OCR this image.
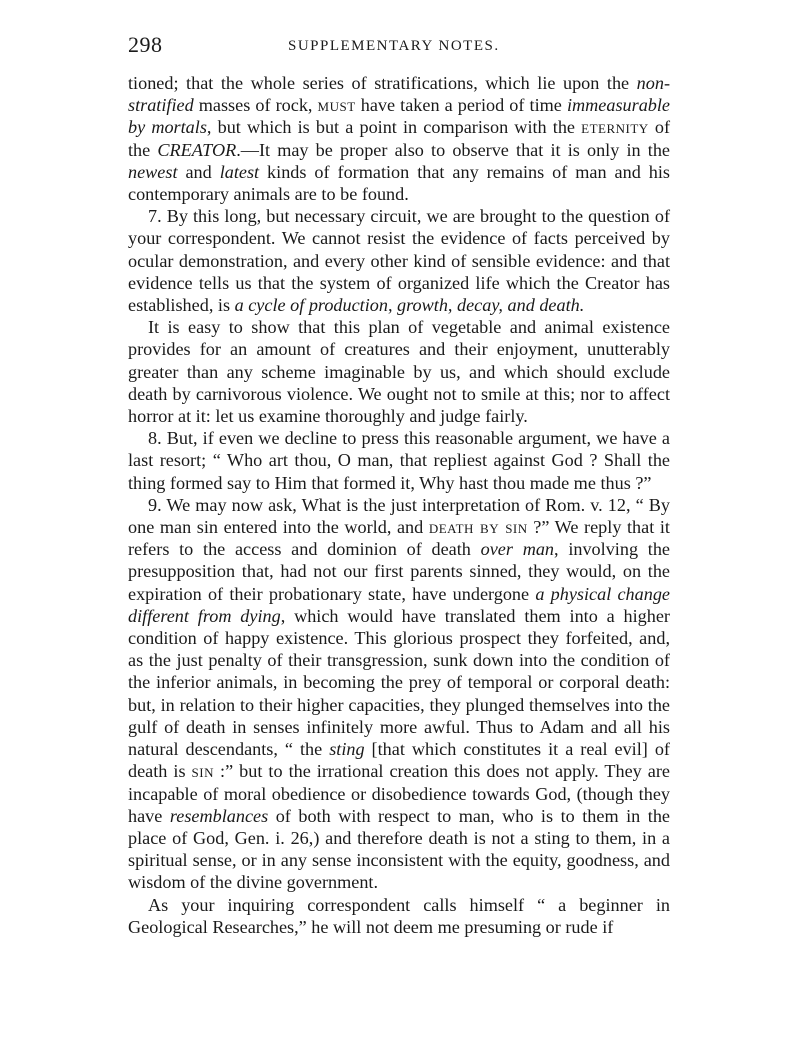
298	SUPPLEMENTARY NOTES.

tioned; that the whole series of stratifications, which lie upon the non-stratified masses of rock, must have taken a period of time immeasurable by mortals, but which is but a point in comparison with the eternity of the CREATOR.—It may be proper also to observe that it is only in the newest and latest kinds of formation that any remains of man and his contemporary animals are to be found.

7. By this long, but necessary circuit, we are brought to the question of your correspondent. We cannot resist the evidence of facts perceived by ocular demonstration, and every other kind of sensible evidence: and that evidence tells us that the system of organized life which the Creator has established, is a cycle of production, growth, decay, and death.

It is easy to show that this plan of vegetable and animal existence provides for an amount of creatures and their enjoyment, unutterably greater than any scheme imaginable by us, and which should exclude death by carnivorous violence. We ought not to smile at this; nor to affect horror at it: let us examine thoroughly and judge fairly.

8. But, if even we decline to press this reasonable argument, we have a last resort; “ Who art thou, O man, that repliest against God ? Shall the thing formed say to Him that formed it, Why hast thou made me thus ?”

9. We may now ask, What is the just interpretation of Rom. v. 12, “ By one man sin entered into the world, and death by sin ?” We reply that it refers to the access and dominion of death over man, involving the presupposition that, had not our first parents sinned, they would, on the expiration of their probationary state, have undergone a physical change different from dying, which would have translated them into a higher condition of happy existence. This glorious prospect they forfeited, and, as the just penalty of their transgression, sunk down into the condition of the inferior animals, in becoming the prey of temporal or corporal death: but, in relation to their higher capacities, they plunged themselves into the gulf of death in senses infinitely more awful. Thus to Adam and all his natural descendants, “ the sting [that which constitutes it a real evil] of death is sin :” but to the irrational creation this does not apply. They are incapable of moral obedience or disobedience towards God, (though they have resemblances of both with respect to man, who is to them in the place of God, Gen. i. 26,) and therefore death is not a sting to them, in a spiritual sense, or in any sense inconsistent with the equity, goodness, and wisdom of the divine government.

As your inquiring correspondent calls himself “ a beginner in Geological Researches,” he will not deem me presuming or rude if
